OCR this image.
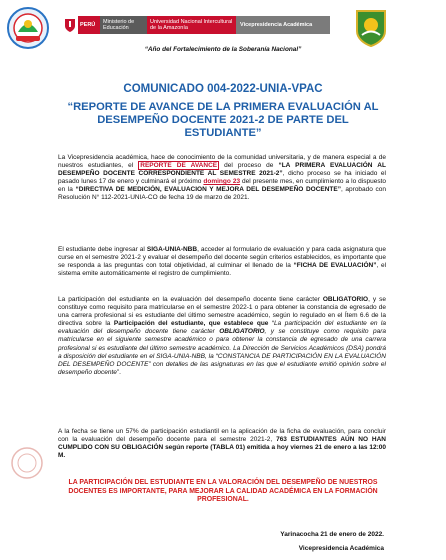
PERÚ	Ministerio de Educación
Universidad Nacional Intercultural de la Amazonía	Vicepresidencia Académica
“Año del Fortalecimiento de la Soberanía Nacional”
COMUNICADO 004-2022-UNIA-VPAC
“REPORTE DE AVANCE DE LA PRIMERA EVALUACIÓN AL DESEMPEÑO DOCENTE 2021-2 DE PARTE DEL ESTUDIANTE”
La Vicepresidencia académica, hace de conocimiento de la comunidad universitaria, y de manera especial a de nuestros estudiantes, el REPORTE DE AVANCE del proceso de “LA PRIMERA EVALUACIÓN AL DESEMPEÑO DOCENTE CORRESPONDIENTE AL SEMESTRE 2021-2”, dicho proceso se ha iniciado el pasado lunes 17 de enero y culminará el próximo domingo 23 del presente mes, en cumplimiento a lo dispuesto en la “DIRECTIVA DE MEDICIÓN, EVALUACION Y MEJORA DEL DESEMPEÑO DOCENTE”, aprobado con Resolución N° 112-2021-UNIA-CO de fecha 19 de marzo de 2021.
El estudiante debe ingresar al SIGA-UNIA-NBB, acceder al formulario de evaluación y para cada asignatura que curse en el semestre 2021-2 y evaluar el desempeño del docente según criterios establecidos, es importante que se responda a las preguntas con total objetividad, al culminar el llenado de la “FICHA DE EVALUACIÓN”, el sistema emite automáticamente el registro de cumplimiento.
La participación del estudiante en la evaluación del desempeño docente tiene carácter OBLIGATORIO, y se constituye como requisito para matricularse en el semestre 2022-1 o para obtener la constancia de egresado de una carrera profesional si es estudiante del último semestre académico, según lo regulado en el Ítem 6.6 de la directiva sobre la Participación del estudiante, que establece que “La participación del estudiante en la evaluación del desempeño docente tiene carácter OBLIGATORIO, y se constituye como requisito para matricularse en el siguiente semestre académico o para obtener la constancia de egresado de una carrera profesional si es estudiante del último semestre académico. La Dirección de Servicios Académicos (DSA) pondrá a disposición del estudiante en el SIGA-UNIA-NBB, la “CONSTANCIA DE PARTICIPACIÓN EN LA EVALUACIÓN DEL DESEMPEÑO DOCENTE” con detalles de las asignaturas en las que el estudiante emitió opinión sobre el desempeño docente”.
A la fecha se tiene un 57% de participación estudiantil en la aplicación de la ficha de evaluación, para concluir con la evaluación del desempeño docente para el semestre 2021-2, 763 ESTUDIANTES AÚN NO HAN CUMPLIDO CON SU OBLIGACIÓN según reporte (TABLA 01) emitida a hoy viernes 21 de enero a las 12:00 M.
LA PARTICIPACIÓN DEL ESTUDIANTE EN LA VALORACIÓN DEL DESEMPEÑO DE NUESTROS DOCENTES ES IMPORTANTE, PARA MEJORAR LA CALIDAD ACADÉMICA EN LA FORMACIÓN PROFESIONAL.
Yarinacocha 21 de enero de 2022.
Vicepresidencia Académica
